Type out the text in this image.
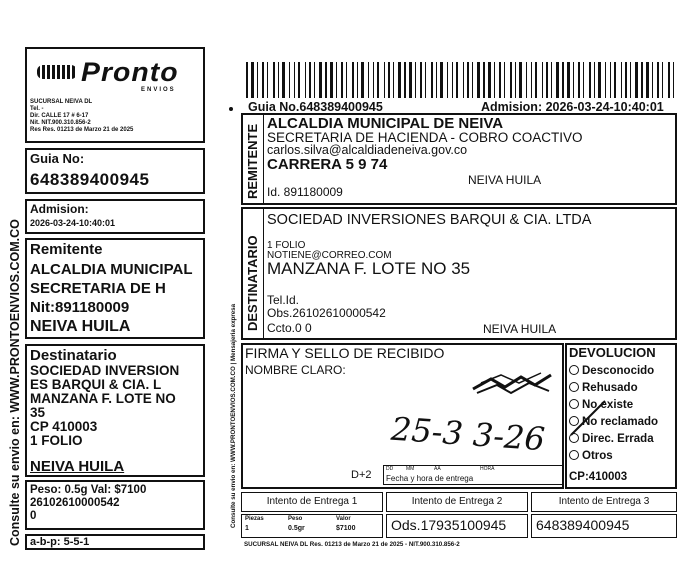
Consulte su envio en: WWW.PRONTOENVIOS.COM.CO
Pronto
ENVIOS
SUCURSAL NEIVA DL
Tel. -
Dir. CALLE 17 # 6-17
Nit. NIT.900.310.856-2
Res Res. 01213 de Marzo 21 de 2025
Guia No:
648389400945
Admision:
2026-03-24-10:40:01
Remitente
ALCALDIA MUNICIPAL
SECRETARIA DE H
Nit:891180009
NEIVA HUILA
Destinatario
SOCIEDAD INVERSION
ES BARQUI & CIA. L
MANZANA F. LOTE NO
35
CP 410003
1 FOLIO
NEIVA HUILA
Peso: 0.5g Val: $7100
26102610000542
0
a-b-p: 5-5-1
Guia No.648389400945	Admision: 2026-03-24-10:40:01
Consulte su envio en: WWW.PRONTOENVIOS.COM.CO | Mensajeria expresa
REMITENTE
ALCALDIA MUNICIPAL DE NEIVA
SECRETARIA DE HACIENDA - COBRO COACTIVO
carlos.silva@alcaldiadeneiva.gov.co
CARRERA 5 9 74
NEIVA HUILA
Id. 891180009
DESTINATARIO
SOCIEDAD INVERSIONES BARQUI & CIA. LTDA
1 FOLIO
NOTIENE@CORREO.COM
MANZANA F. LOTE NO 35
Tel.Id.
Obs.26102610000542
Ccto.0 0	NEIVA HUILA
FIRMA Y SELLO DE RECIBIDO
NOMBRE CLARO:
25-3 3-26
D+2	DD	MM	AA	HORA
Fecha y hora de entrega
DEVOLUCION
Desconocido
Rehusado
No existe
No reclamado
Direc. Errada
Otros
CP:410003
Intento de Entrega 1	Intento de Entrega 2	Intento de Entrega 3
Piezas	Peso	Valor
1	0.5gr	$7100	Ods.17935100945	648389400945
SUCURSAL NEIVA DL Res. 01213 de Marzo 21 de 2025 - NIT.900.310.856-2
